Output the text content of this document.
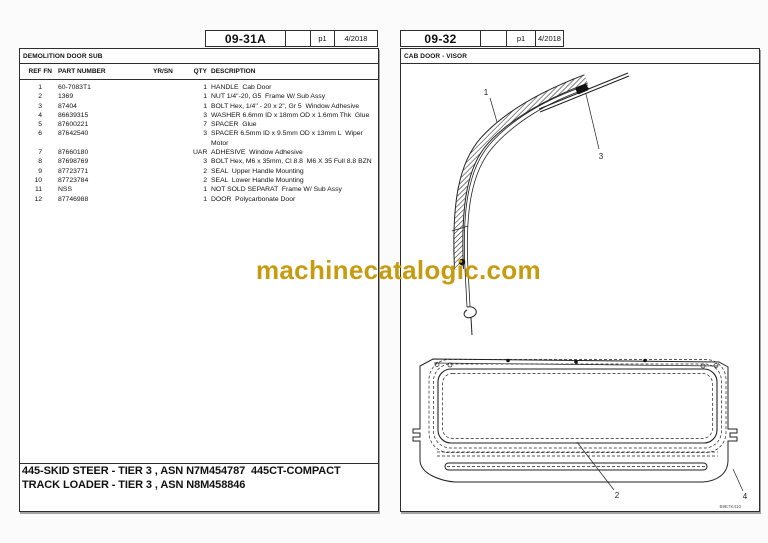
09-31A	p1 4/2018	09-32	p1 4/2018
DEMOLITION DOOR SUB
REF FN PART NUMBER	YR/SN	QTY DESCRIPTION
1	60-7083T1	1 HANDLE  Cab Door
2	1369	1 NUT 1/4"-20, G5  Frame W/ Sub Assy
3	87404	1 BOLT Hex, 1/4" - 20 x 2", Gr 5  Window Adhesive
4	86639315	3 WASHER 6.6mm ID x 18mm OD x 1.6mm Thk  Glue
5	87600221	7 SPACER  Glue
6	87642540	3 SPACER 6.5mm ID x 9.5mm OD x 13mm L  Wiper Motor
7	87660180	UAR ADHESIVE  Window Adhesive
8	87698769	3 BOLT Hex, M6 x 35mm, Cl 8.8  M6 X 35 Full 8.8 BZN
9	87723771	2 SEAL  Upper Handle Mounting
10	87723784	2 SEAL  Lower Handle Mounting
11	NSS	1 NOT SOLD SEPARAT  Frame W/ Sub Assy
12	87746988	1 DOOR  Polycarbonate Door
445-SKID STEER - TIER 3 , ASN N7M454787  445CT-COMPACT TRACK LOADER - TIER 3 , ASN N8M458846
CAB DOOR - VISOR
1
3
2	4
B9E7K410
machinecatalogic.com
